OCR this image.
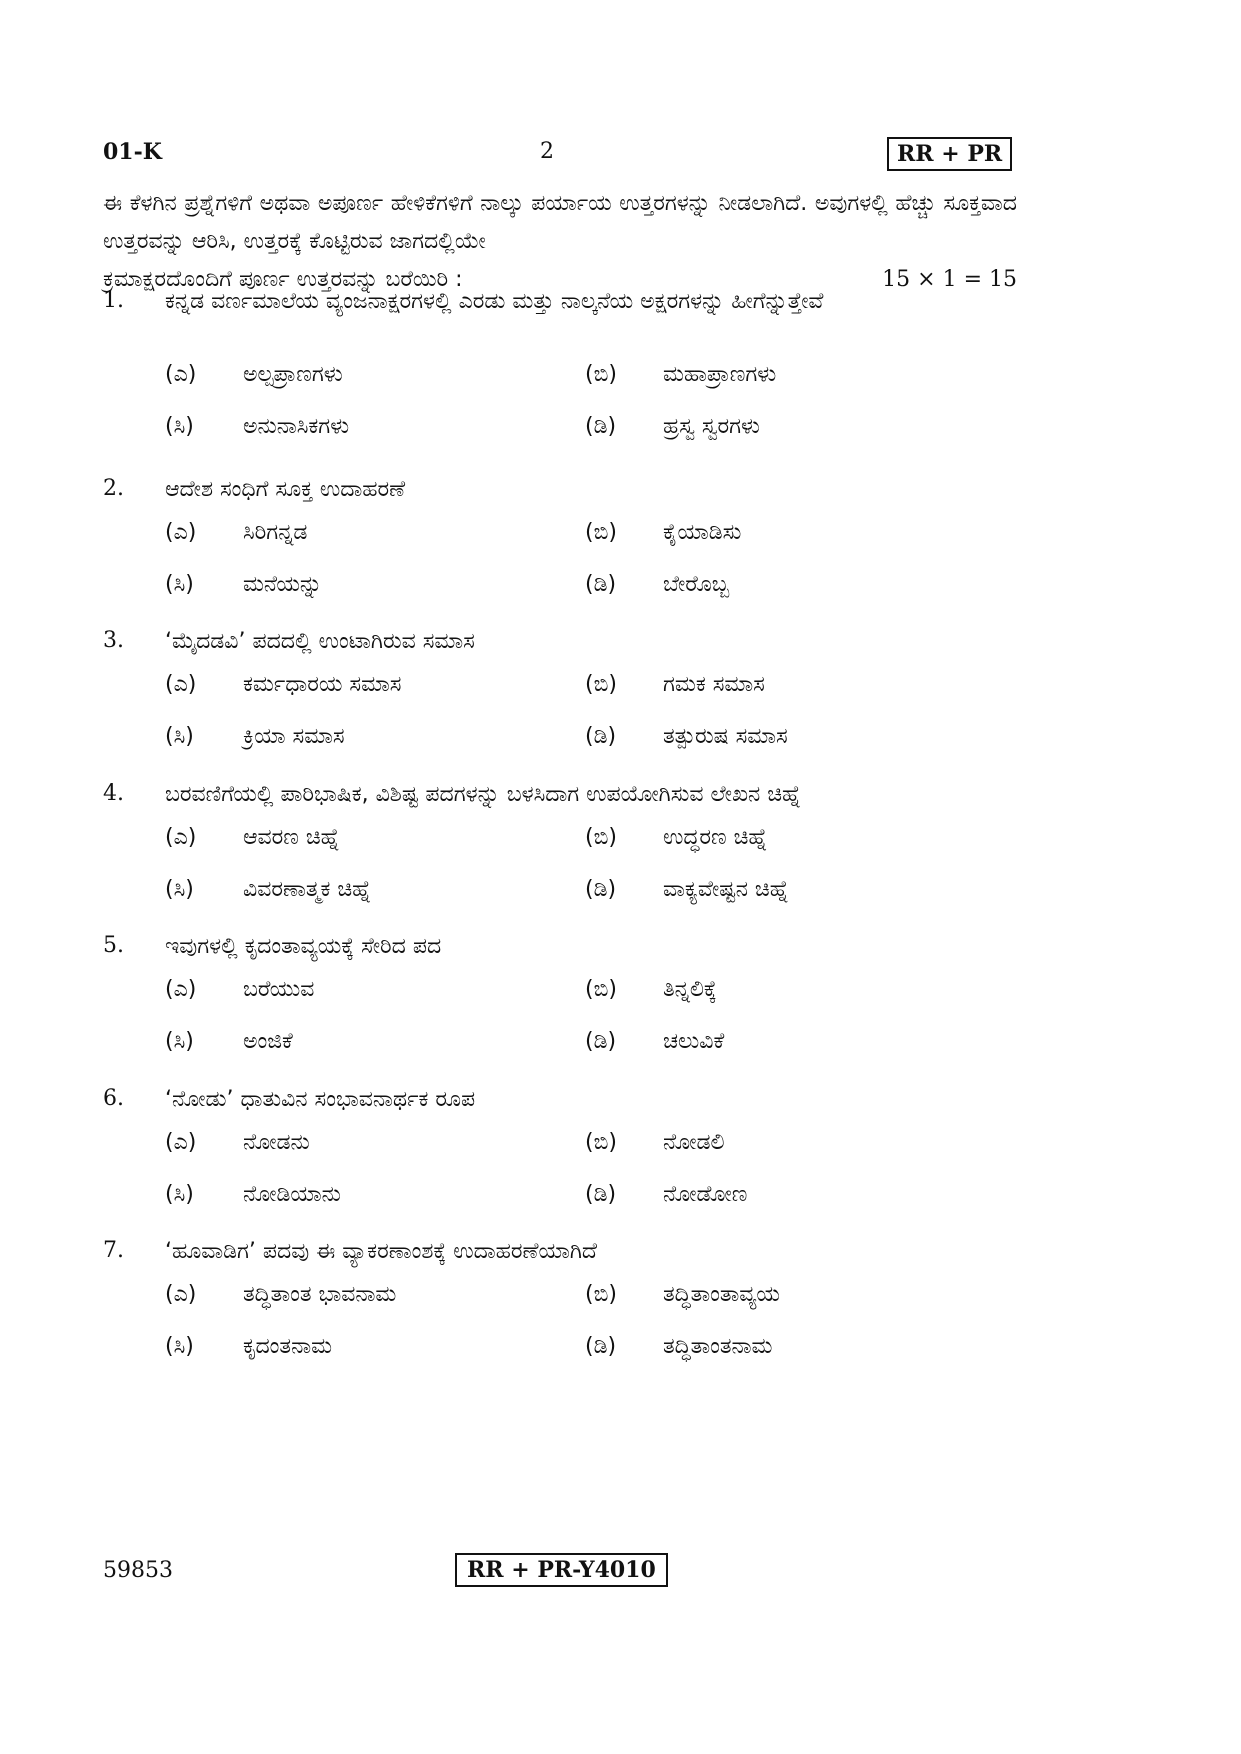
01-K	2	RR + PR
ಈ ಕೆಳಗಿನ ಪ್ರಶ್ನೆಗಳಿಗೆ ಅಥವಾ ಅಪೂರ್ಣ ಹೇಳಿಕೆಗಳಿಗೆ ನಾಲ್ಕು ಪರ್ಯಾಯ ಉತ್ತರಗಳನ್ನು ನೀಡಲಾಗಿದೆ. ಅವುಗಳಲ್ಲಿ ಹೆಚ್ಚು ಸೂಕ್ತವಾದ ಉತ್ತರವನ್ನು ಆರಿಸಿ, ಉತ್ತರಕ್ಕೆ ಕೊಟ್ಟಿರುವ ಜಾಗದಲ್ಲಿಯೇ
ಕ್ರಮಾಕ್ಷರದೊಂದಿಗೆ ಪೂರ್ಣ ಉತ್ತರವನ್ನು ಬರೆಯಿರಿ :	15 × 1 = 15
1. ಕನ್ನಡ ವರ್ಣಮಾಲೆಯ ವ್ಯಂಜನಾಕ್ಷರಗಳಲ್ಲಿ ಎರಡು ಮತ್ತು ನಾಲ್ಕನೆಯ ಅಕ್ಷರಗಳನ್ನು ಹೀಗೆನ್ನುತ್ತೇವೆ
(ಎ)	ಅಲ್ಪಪ್ರಾಣಗಳು	(ಬಿ)	ಮಹಾಪ್ರಾಣಗಳು
(ಸಿ)	ಅನುನಾಸಿಕಗಳು	(ಡಿ)	ಹ್ರಸ್ವ ಸ್ವರಗಳು
2. ಆದೇಶ ಸಂಧಿಗೆ ಸೂಕ್ತ ಉದಾಹರಣೆ
(ಎ)	ಸಿರಿಗನ್ನಡ	(ಬಿ)	ಕೈಯಾಡಿಸು
(ಸಿ)	ಮನೆಯನ್ನು	(ಡಿ)	ಬೇರೊಬ್ಬ
3. ‘ಮೈದಡವಿ’ ಪದದಲ್ಲಿ ಉಂಟಾಗಿರುವ ಸಮಾಸ
(ಎ)	ಕರ್ಮಧಾರಯ ಸಮಾಸ	(ಬಿ)	ಗಮಕ ಸಮಾಸ
(ಸಿ)	ಕ್ರಿಯಾ ಸಮಾಸ	(ಡಿ)	ತತ್ಪುರುಷ ಸಮಾಸ
4. ಬರವಣಿಗೆಯಲ್ಲಿ ಪಾರಿಭಾಷಿಕ, ವಿಶಿಷ್ಟ ಪದಗಳನ್ನು ಬಳಸಿದಾಗ ಉಪಯೋಗಿಸುವ ಲೇಖನ ಚಿಹ್ನೆ
(ಎ)	ಆವರಣ ಚಿಹ್ನೆ	(ಬಿ)	ಉದ್ಧರಣ ಚಿಹ್ನೆ
(ಸಿ)	ವಿವರಣಾತ್ಮಕ ಚಿಹ್ನೆ	(ಡಿ)	ವಾಕ್ಯವೇಷ್ಟನ ಚಿಹ್ನೆ
5. ಇವುಗಳಲ್ಲಿ ಕೃದಂತಾವ್ಯಯಕ್ಕೆ ಸೇರಿದ ಪದ
(ಎ)	ಬರೆಯುವ	(ಬಿ)	ತಿನ್ನಲಿಕ್ಕೆ
(ಸಿ)	ಅಂಜಿಕೆ	(ಡಿ)	ಚಲುವಿಕೆ
6. ‘ನೋಡು’ ಧಾತುವಿನ ಸಂಭಾವನಾರ್ಥಕ ರೂಪ
(ಎ)	ನೋಡನು	(ಬಿ)	ನೋಡಲಿ
(ಸಿ)	ನೋಡಿಯಾನು	(ಡಿ)	ನೋಡೋಣ
7. ‘ಹೂವಾಡಿಗ’ ಪದವು ಈ ವ್ಯಾಕರಣಾಂಶಕ್ಕೆ ಉದಾಹರಣೆಯಾಗಿದೆ
(ಎ)	ತದ್ಧಿತಾಂತ ಭಾವನಾಮ	(ಬಿ)	ತದ್ಧಿತಾಂತಾವ್ಯಯ
(ಸಿ)	ಕೃದಂತನಾಮ	(ಡಿ)	ತದ್ಧಿತಾಂತನಾಮ
59853	RR + PR-Y4010
